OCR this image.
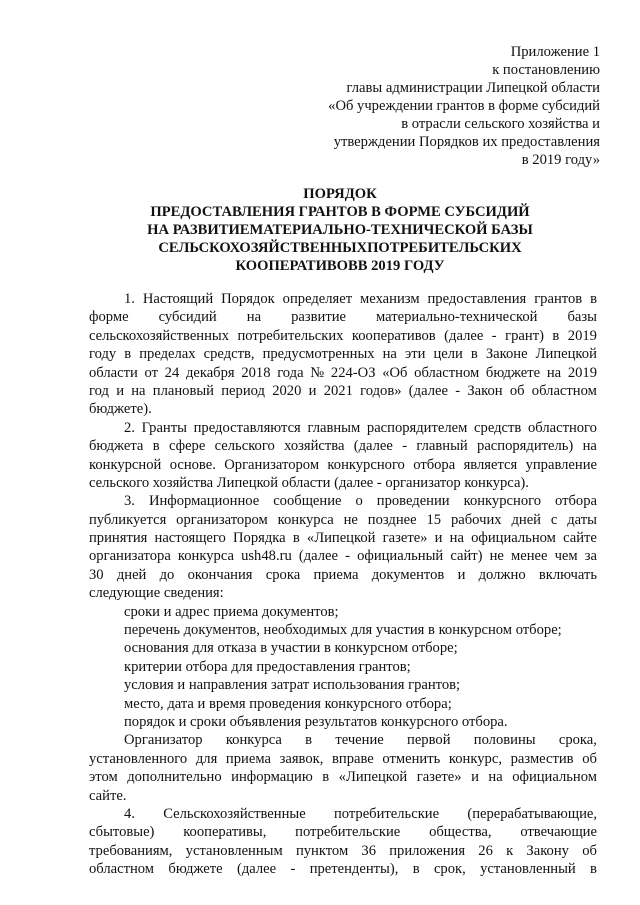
Приложение 1
к постановлению
главы администрации Липецкой области
«Об учреждении грантов в форме субсидий
в отрасли сельского хозяйства и
утверждении Порядков их предоставления
в 2019 году»
ПОРЯДОК
ПРЕДОСТАВЛЕНИЯ ГРАНТОВ В ФОРМЕ СУБСИДИЙ
НА РАЗВИТИЕМАТЕРИАЛЬНО-ТЕХНИЧЕСКОЙ БАЗЫ
СЕЛЬСКОХОЗЯЙСТВЕННЫХПОТРЕБИТЕЛЬСКИХ
КООПЕРАТИВОВВ 2019 ГОДУ
1. Настоящий Порядок определяет механизм предоставления грантов в
форме субсидий на развитие материально-технической базы
сельскохозяйственных потребительских кооперативов (далее - грант) в 2019
году в пределах средств, предусмотренных на эти цели в Законе Липецкой
области от 24 декабря 2018 года № 224-ОЗ «Об областном бюджете на 2019
год и на плановый период 2020 и 2021 годов» (далее - Закон об областном
бюджете).
2. Гранты предоставляются главным распорядителем средств областного
бюджета в сфере сельского хозяйства (далее - главный распорядитель) на
конкурсной основе. Организатором конкурсного отбора является управление
сельского хозяйства Липецкой области (далее - организатор конкурса).
3. Информационное сообщение о проведении конкурсного отбора
публикуется организатором конкурса не позднее 15 рабочих дней с даты
принятия настоящего Порядка в «Липецкой газете» и на официальном сайте
организатора конкурса ush48.ru (далее - официальный сайт) не менее чем за
30 дней до окончания срока приема документов и должно включать
следующие сведения:
сроки и адрес приема документов;
перечень документов, необходимых для участия в конкурсном отборе;
основания для отказа в участии в конкурсном отборе;
критерии отбора для предоставления грантов;
условия и направления затрат использования грантов;
место, дата и время проведения конкурсного отбора;
порядок и сроки объявления результатов конкурсного отбора.
Организатор конкурса в течение первой половины срока,
установленного для приема заявок, вправе отменить конкурс, разместив об
этом дополнительно информацию в «Липецкой газете» и на официальном
сайте.
4. Сельскохозяйственные потребительские (перерабатывающие,
сбытовые) кооперативы, потребительские общества, отвечающие
требованиям, установленным пунктом 36 приложения 26 к Закону об
областном бюджете (далее - претенденты), в срок, установленный в
